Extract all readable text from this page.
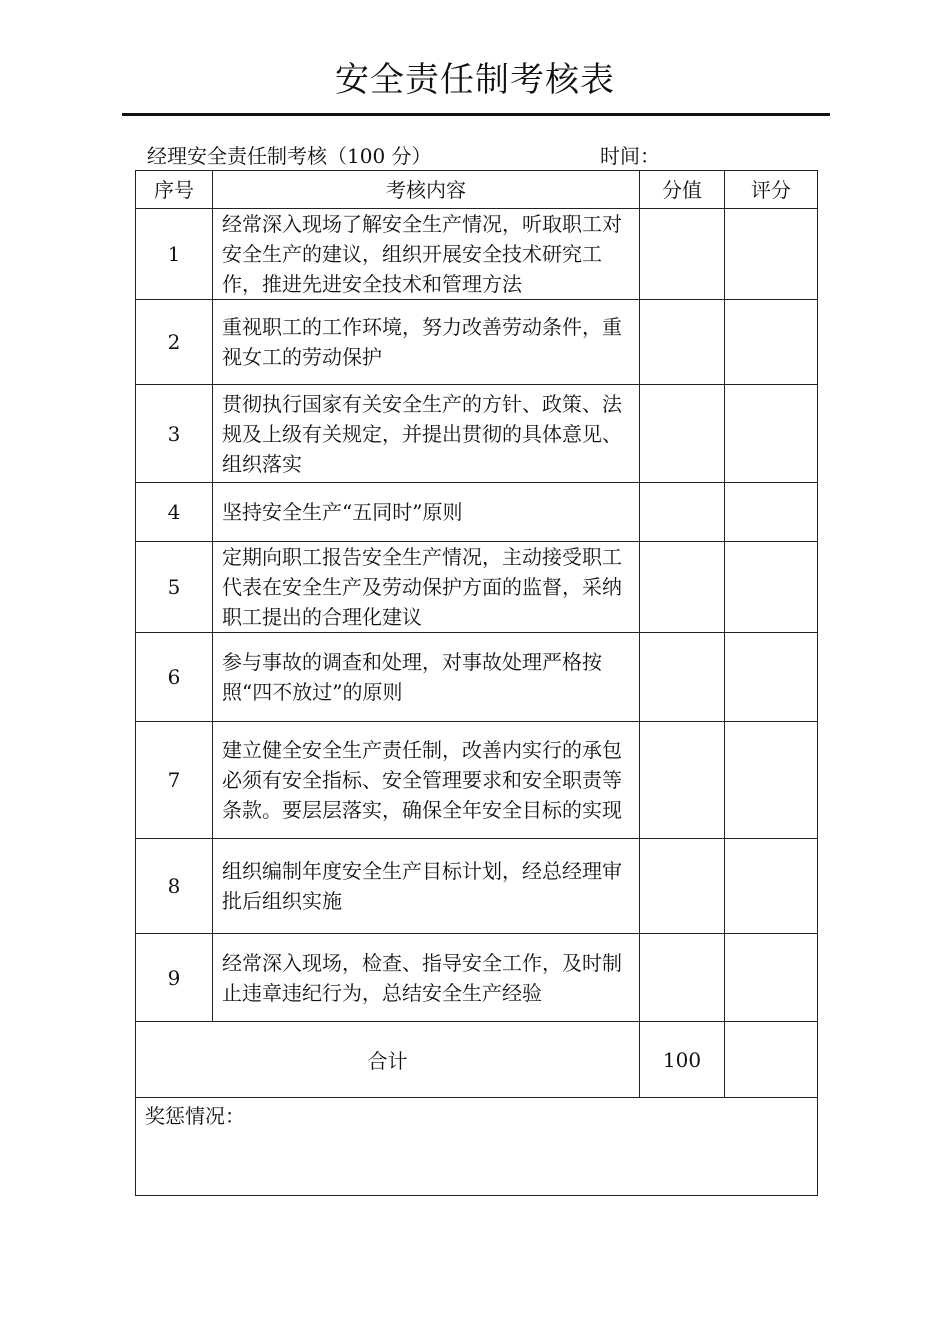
安全责任制考核表
经理安全责任制考核（100 分）	时间：
序号	考核内容	分值	评分
1	经常深入现场了解安全生产情况，听取职工对安全生产的建议，组织开展安全技术研究工作，推进先进安全技术和管理方法		
2	重视职工的工作环境，努力改善劳动条件，重视女工的劳动保护		
3	贯彻执行国家有关安全生产的方针、政策、法规及上级有关规定，并提出贯彻的具体意见、组织落实		
4	坚持安全生产“五同时”原则		
5	定期向职工报告安全生产情况，主动接受职工代表在安全生产及劳动保护方面的监督，采纳职工提出的合理化建议		
6	参与事故的调查和处理，对事故处理严格按照“四不放过”的原则		
7	建立健全安全生产责任制，改善内实行的承包必须有安全指标、安全管理要求和安全职责等条款。要层层落实，确保全年安全目标的实现		
8	组织编制年度安全生产目标计划，经总经理审批后组织实施		
9	经常深入现场，检查、指导安全工作，及时制止违章违纪行为，总结安全生产经验		
合计		100	
奖惩情况：			
